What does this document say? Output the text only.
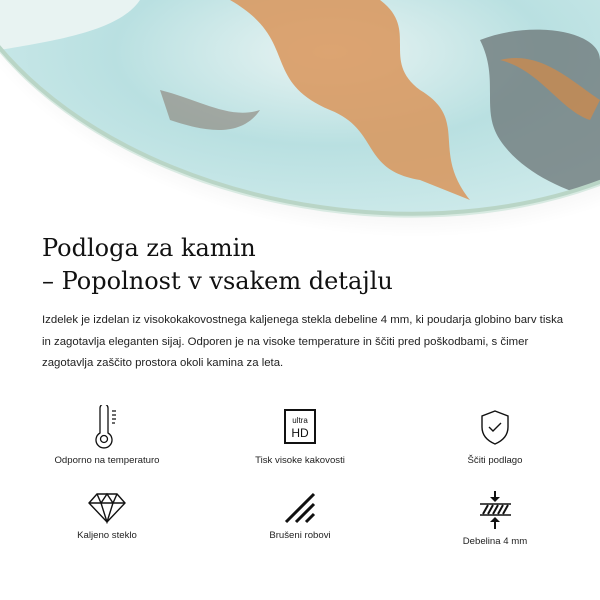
Podloga za kamin
– Popolnost v vsakem detajlu

Izdelek je izdelan iz visokokakovostnega kaljenega stekla debeline 4 mm, ki poudarja globino barv tiska in zagotavlja eleganten sijaj. Odporen je na visoke temperature in ščiti pred poškodbami, s čimer zagotavlja zaščito prostora okoli kamina za leta.

Odporno na temperaturo
ultra
HD
Tisk visoke kakovosti	Ščiti podlago
Kaljeno steklo	Brušeni robovi
Debelina 4 mm
